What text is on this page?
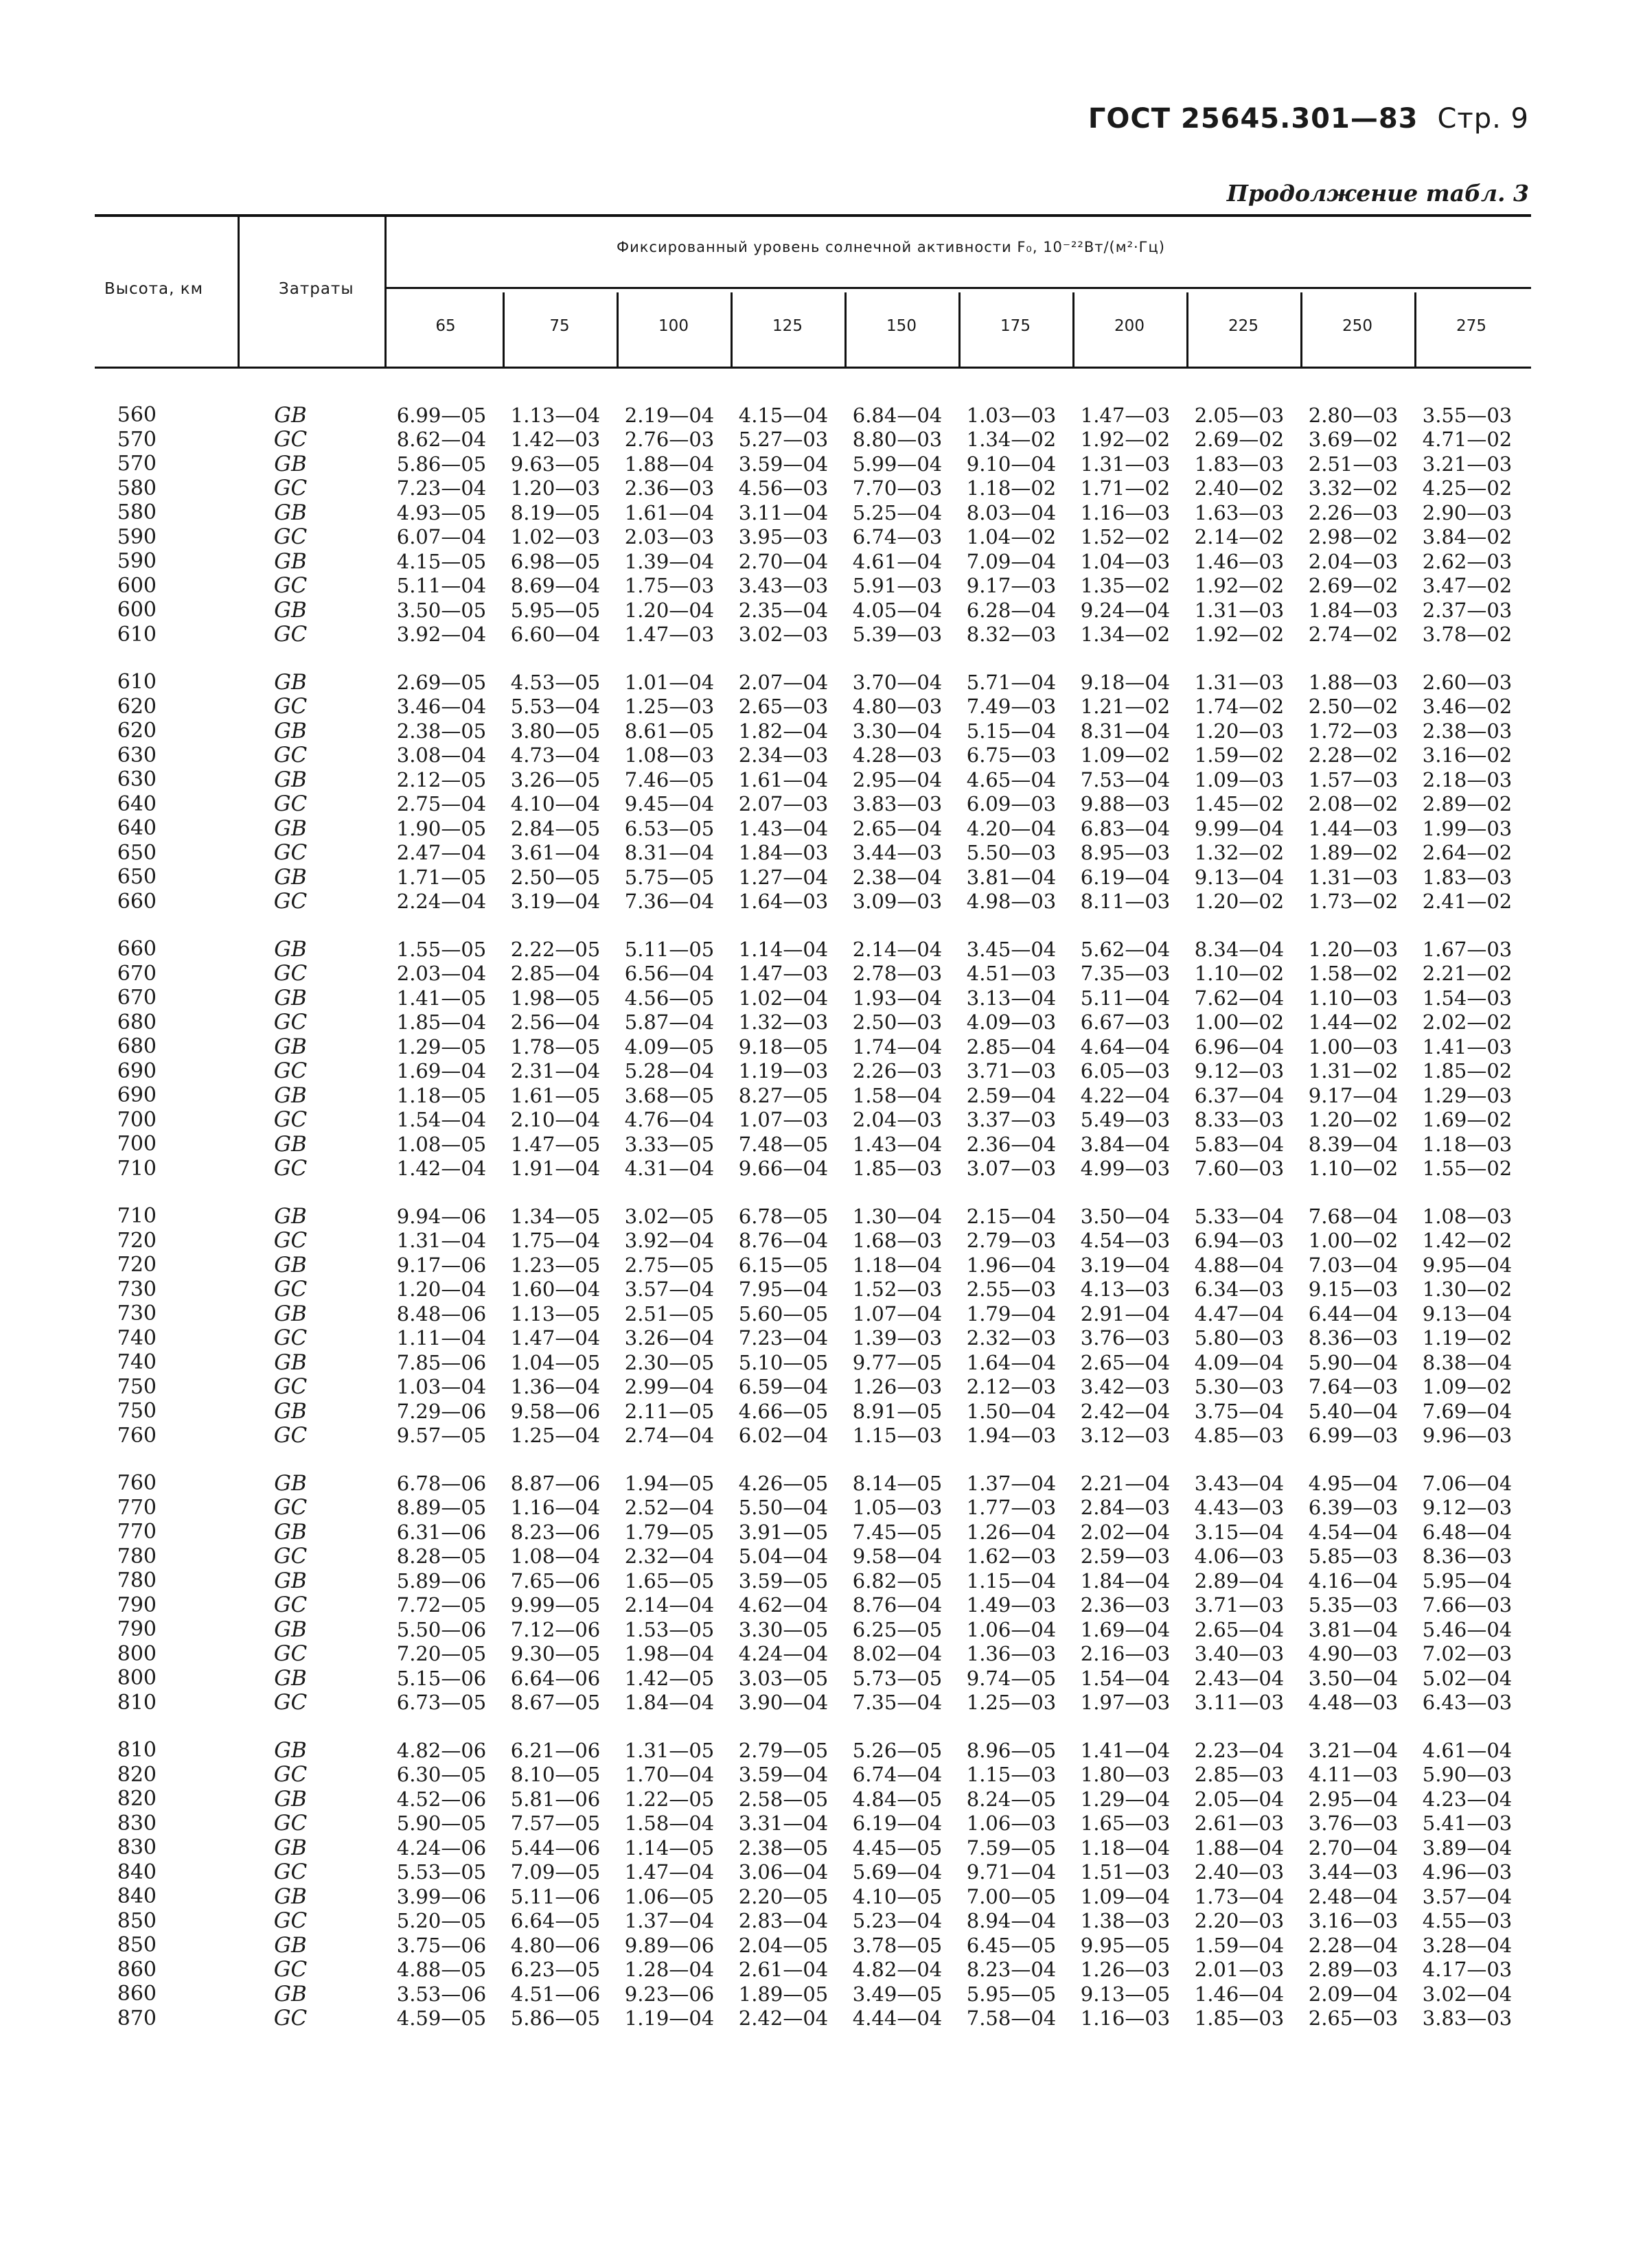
ГОСТ 25645.301—83 Стр. 9
Продолжение табл. 3
Высота, км	Затраты
Фиксированный уровень солнечной активности F₀, 10⁻²²Вт/(м²·Гц)
65	75	100	125	150	175	200	225	250	275
560	GB	6.99—05	1.13—04	2.19—04	4.15—04	6.84—04	1.03—03	1.47—03	2.05—03	2.80—03	3.55—03
570	GC	8.62—04	1.42—03	2.76—03	5.27—03	8.80—03	1.34—02	1.92—02	2.69—02	3.69—02	4.71—02
570	GB	5.86—05	9.63—05	1.88—04	3.59—04	5.99—04	9.10—04	1.31—03	1.83—03	2.51—03	3.21—03
580	GC	7.23—04	1.20—03	2.36—03	4.56—03	7.70—03	1.18—02	1.71—02	2.40—02	3.32—02	4.25—02
580	GB	4.93—05	8.19—05	1.61—04	3.11—04	5.25—04	8.03—04	1.16—03	1.63—03	2.26—03	2.90—03
590	GC	6.07—04	1.02—03	2.03—03	3.95—03	6.74—03	1.04—02	1.52—02	2.14—02	2.98—02	3.84—02
590	GB	4.15—05	6.98—05	1.39—04	2.70—04	4.61—04	7.09—04	1.04—03	1.46—03	2.04—03	2.62—03
600	GC	5.11—04	8.69—04	1.75—03	3.43—03	5.91—03	9.17—03	1.35—02	1.92—02	2.69—02	3.47—02
600	GB	3.50—05	5.95—05	1.20—04	2.35—04	4.05—04	6.28—04	9.24—04	1.31—03	1.84—03	2.37—03
610	GC	3.92—04	6.60—04	1.47—03	3.02—03	5.39—03	8.32—03	1.34—02	1.92—02	2.74—02	3.78—02
610	GB	2.69—05	4.53—05	1.01—04	2.07—04	3.70—04	5.71—04	9.18—04	1.31—03	1.88—03	2.60—03
620	GC	3.46—04	5.53—04	1.25—03	2.65—03	4.80—03	7.49—03	1.21—02	1.74—02	2.50—02	3.46—02
620	GB	2.38—05	3.80—05	8.61—05	1.82—04	3.30—04	5.15—04	8.31—04	1.20—03	1.72—03	2.38—03
630	GC	3.08—04	4.73—04	1.08—03	2.34—03	4.28—03	6.75—03	1.09—02	1.59—02	2.28—02	3.16—02
630	GB	2.12—05	3.26—05	7.46—05	1.61—04	2.95—04	4.65—04	7.53—04	1.09—03	1.57—03	2.18—03
640	GC	2.75—04	4.10—04	9.45—04	2.07—03	3.83—03	6.09—03	9.88—03	1.45—02	2.08—02	2.89—02
640	GB	1.90—05	2.84—05	6.53—05	1.43—04	2.65—04	4.20—04	6.83—04	9.99—04	1.44—03	1.99—03
650	GC	2.47—04	3.61—04	8.31—04	1.84—03	3.44—03	5.50—03	8.95—03	1.32—02	1.89—02	2.64—02
650	GB	1.71—05	2.50—05	5.75—05	1.27—04	2.38—04	3.81—04	6.19—04	9.13—04	1.31—03	1.83—03
660	GC	2.24—04	3.19—04	7.36—04	1.64—03	3.09—03	4.98—03	8.11—03	1.20—02	1.73—02	2.41—02
660	GB	1.55—05	2.22—05	5.11—05	1.14—04	2.14—04	3.45—04	5.62—04	8.34—04	1.20—03	1.67—03
670	GC	2.03—04	2.85—04	6.56—04	1.47—03	2.78—03	4.51—03	7.35—03	1.10—02	1.58—02	2.21—02
670	GB	1.41—05	1.98—05	4.56—05	1.02—04	1.93—04	3.13—04	5.11—04	7.62—04	1.10—03	1.54—03
680	GC	1.85—04	2.56—04	5.87—04	1.32—03	2.50—03	4.09—03	6.67—03	1.00—02	1.44—02	2.02—02
680	GB	1.29—05	1.78—05	4.09—05	9.18—05	1.74—04	2.85—04	4.64—04	6.96—04	1.00—03	1.41—03
690	GC	1.69—04	2.31—04	5.28—04	1.19—03	2.26—03	3.71—03	6.05—03	9.12—03	1.31—02	1.85—02
690	GB	1.18—05	1.61—05	3.68—05	8.27—05	1.58—04	2.59—04	4.22—04	6.37—04	9.17—04	1.29—03
700	GC	1.54—04	2.10—04	4.76—04	1.07—03	2.04—03	3.37—03	5.49—03	8.33—03	1.20—02	1.69—02
700	GB	1.08—05	1.47—05	3.33—05	7.48—05	1.43—04	2.36—04	3.84—04	5.83—04	8.39—04	1.18—03
710	GC	1.42—04	1.91—04	4.31—04	9.66—04	1.85—03	3.07—03	4.99—03	7.60—03	1.10—02	1.55—02
710	GB	9.94—06	1.34—05	3.02—05	6.78—05	1.30—04	2.15—04	3.50—04	5.33—04	7.68—04	1.08—03
720	GC	1.31—04	1.75—04	3.92—04	8.76—04	1.68—03	2.79—03	4.54—03	6.94—03	1.00—02	1.42—02
720	GB	9.17—06	1.23—05	2.75—05	6.15—05	1.18—04	1.96—04	3.19—04	4.88—04	7.03—04	9.95—04
730	GC	1.20—04	1.60—04	3.57—04	7.95—04	1.52—03	2.55—03	4.13—03	6.34—03	9.15—03	1.30—02
730	GB	8.48—06	1.13—05	2.51—05	5.60—05	1.07—04	1.79—04	2.91—04	4.47—04	6.44—04	9.13—04
740	GC	1.11—04	1.47—04	3.26—04	7.23—04	1.39—03	2.32—03	3.76—03	5.80—03	8.36—03	1.19—02
740	GB	7.85—06	1.04—05	2.30—05	5.10—05	9.77—05	1.64—04	2.65—04	4.09—04	5.90—04	8.38—04
750	GC	1.03—04	1.36—04	2.99—04	6.59—04	1.26—03	2.12—03	3.42—03	5.30—03	7.64—03	1.09—02
750	GB	7.29—06	9.58—06	2.11—05	4.66—05	8.91—05	1.50—04	2.42—04	3.75—04	5.40—04	7.69—04
760	GC	9.57—05	1.25—04	2.74—04	6.02—04	1.15—03	1.94—03	3.12—03	4.85—03	6.99—03	9.96—03
760	GB	6.78—06	8.87—06	1.94—05	4.26—05	8.14—05	1.37—04	2.21—04	3.43—04	4.95—04	7.06—04
770	GC	8.89—05	1.16—04	2.52—04	5.50—04	1.05—03	1.77—03	2.84—03	4.43—03	6.39—03	9.12—03
770	GB	6.31—06	8.23—06	1.79—05	3.91—05	7.45—05	1.26—04	2.02—04	3.15—04	4.54—04	6.48—04
780	GC	8.28—05	1.08—04	2.32—04	5.04—04	9.58—04	1.62—03	2.59—03	4.06—03	5.85—03	8.36—03
780	GB	5.89—06	7.65—06	1.65—05	3.59—05	6.82—05	1.15—04	1.84—04	2.89—04	4.16—04	5.95—04
790	GC	7.72—05	9.99—05	2.14—04	4.62—04	8.76—04	1.49—03	2.36—03	3.71—03	5.35—03	7.66—03
790	GB	5.50—06	7.12—06	1.53—05	3.30—05	6.25—05	1.06—04	1.69—04	2.65—04	3.81—04	5.46—04
800	GC	7.20—05	9.30—05	1.98—04	4.24—04	8.02—04	1.36—03	2.16—03	3.40—03	4.90—03	7.02—03
800	GB	5.15—06	6.64—06	1.42—05	3.03—05	5.73—05	9.74—05	1.54—04	2.43—04	3.50—04	5.02—04
810	GC	6.73—05	8.67—05	1.84—04	3.90—04	7.35—04	1.25—03	1.97—03	3.11—03	4.48—03	6.43—03
810	GB	4.82—06	6.21—06	1.31—05	2.79—05	5.26—05	8.96—05	1.41—04	2.23—04	3.21—04	4.61—04
820	GC	6.30—05	8.10—05	1.70—04	3.59—04	6.74—04	1.15—03	1.80—03	2.85—03	4.11—03	5.90—03
820	GB	4.52—06	5.81—06	1.22—05	2.58—05	4.84—05	8.24—05	1.29—04	2.05—04	2.95—04	4.23—04
830	GC	5.90—05	7.57—05	1.58—04	3.31—04	6.19—04	1.06—03	1.65—03	2.61—03	3.76—03	5.41—03
830	GB	4.24—06	5.44—06	1.14—05	2.38—05	4.45—05	7.59—05	1.18—04	1.88—04	2.70—04	3.89—04
840	GC	5.53—05	7.09—05	1.47—04	3.06—04	5.69—04	9.71—04	1.51—03	2.40—03	3.44—03	4.96—03
840	GB	3.99—06	5.11—06	1.06—05	2.20—05	4.10—05	7.00—05	1.09—04	1.73—04	2.48—04	3.57—04
850	GC	5.20—05	6.64—05	1.37—04	2.83—04	5.23—04	8.94—04	1.38—03	2.20—03	3.16—03	4.55—03
850	GB	3.75—06	4.80—06	9.89—06	2.04—05	3.78—05	6.45—05	9.95—05	1.59—04	2.28—04	3.28—04
860	GC	4.88—05	6.23—05	1.28—04	2.61—04	4.82—04	8.23—04	1.26—03	2.01—03	2.89—03	4.17—03
860	GB	3.53—06	4.51—06	9.23—06	1.89—05	3.49—05	5.95—05	9.13—05	1.46—04	2.09—04	3.02—04
870	GC	4.59—05	5.86—05	1.19—04	2.42—04	4.44—04	7.58—04	1.16—03	1.85—03	2.65—03	3.83—03
